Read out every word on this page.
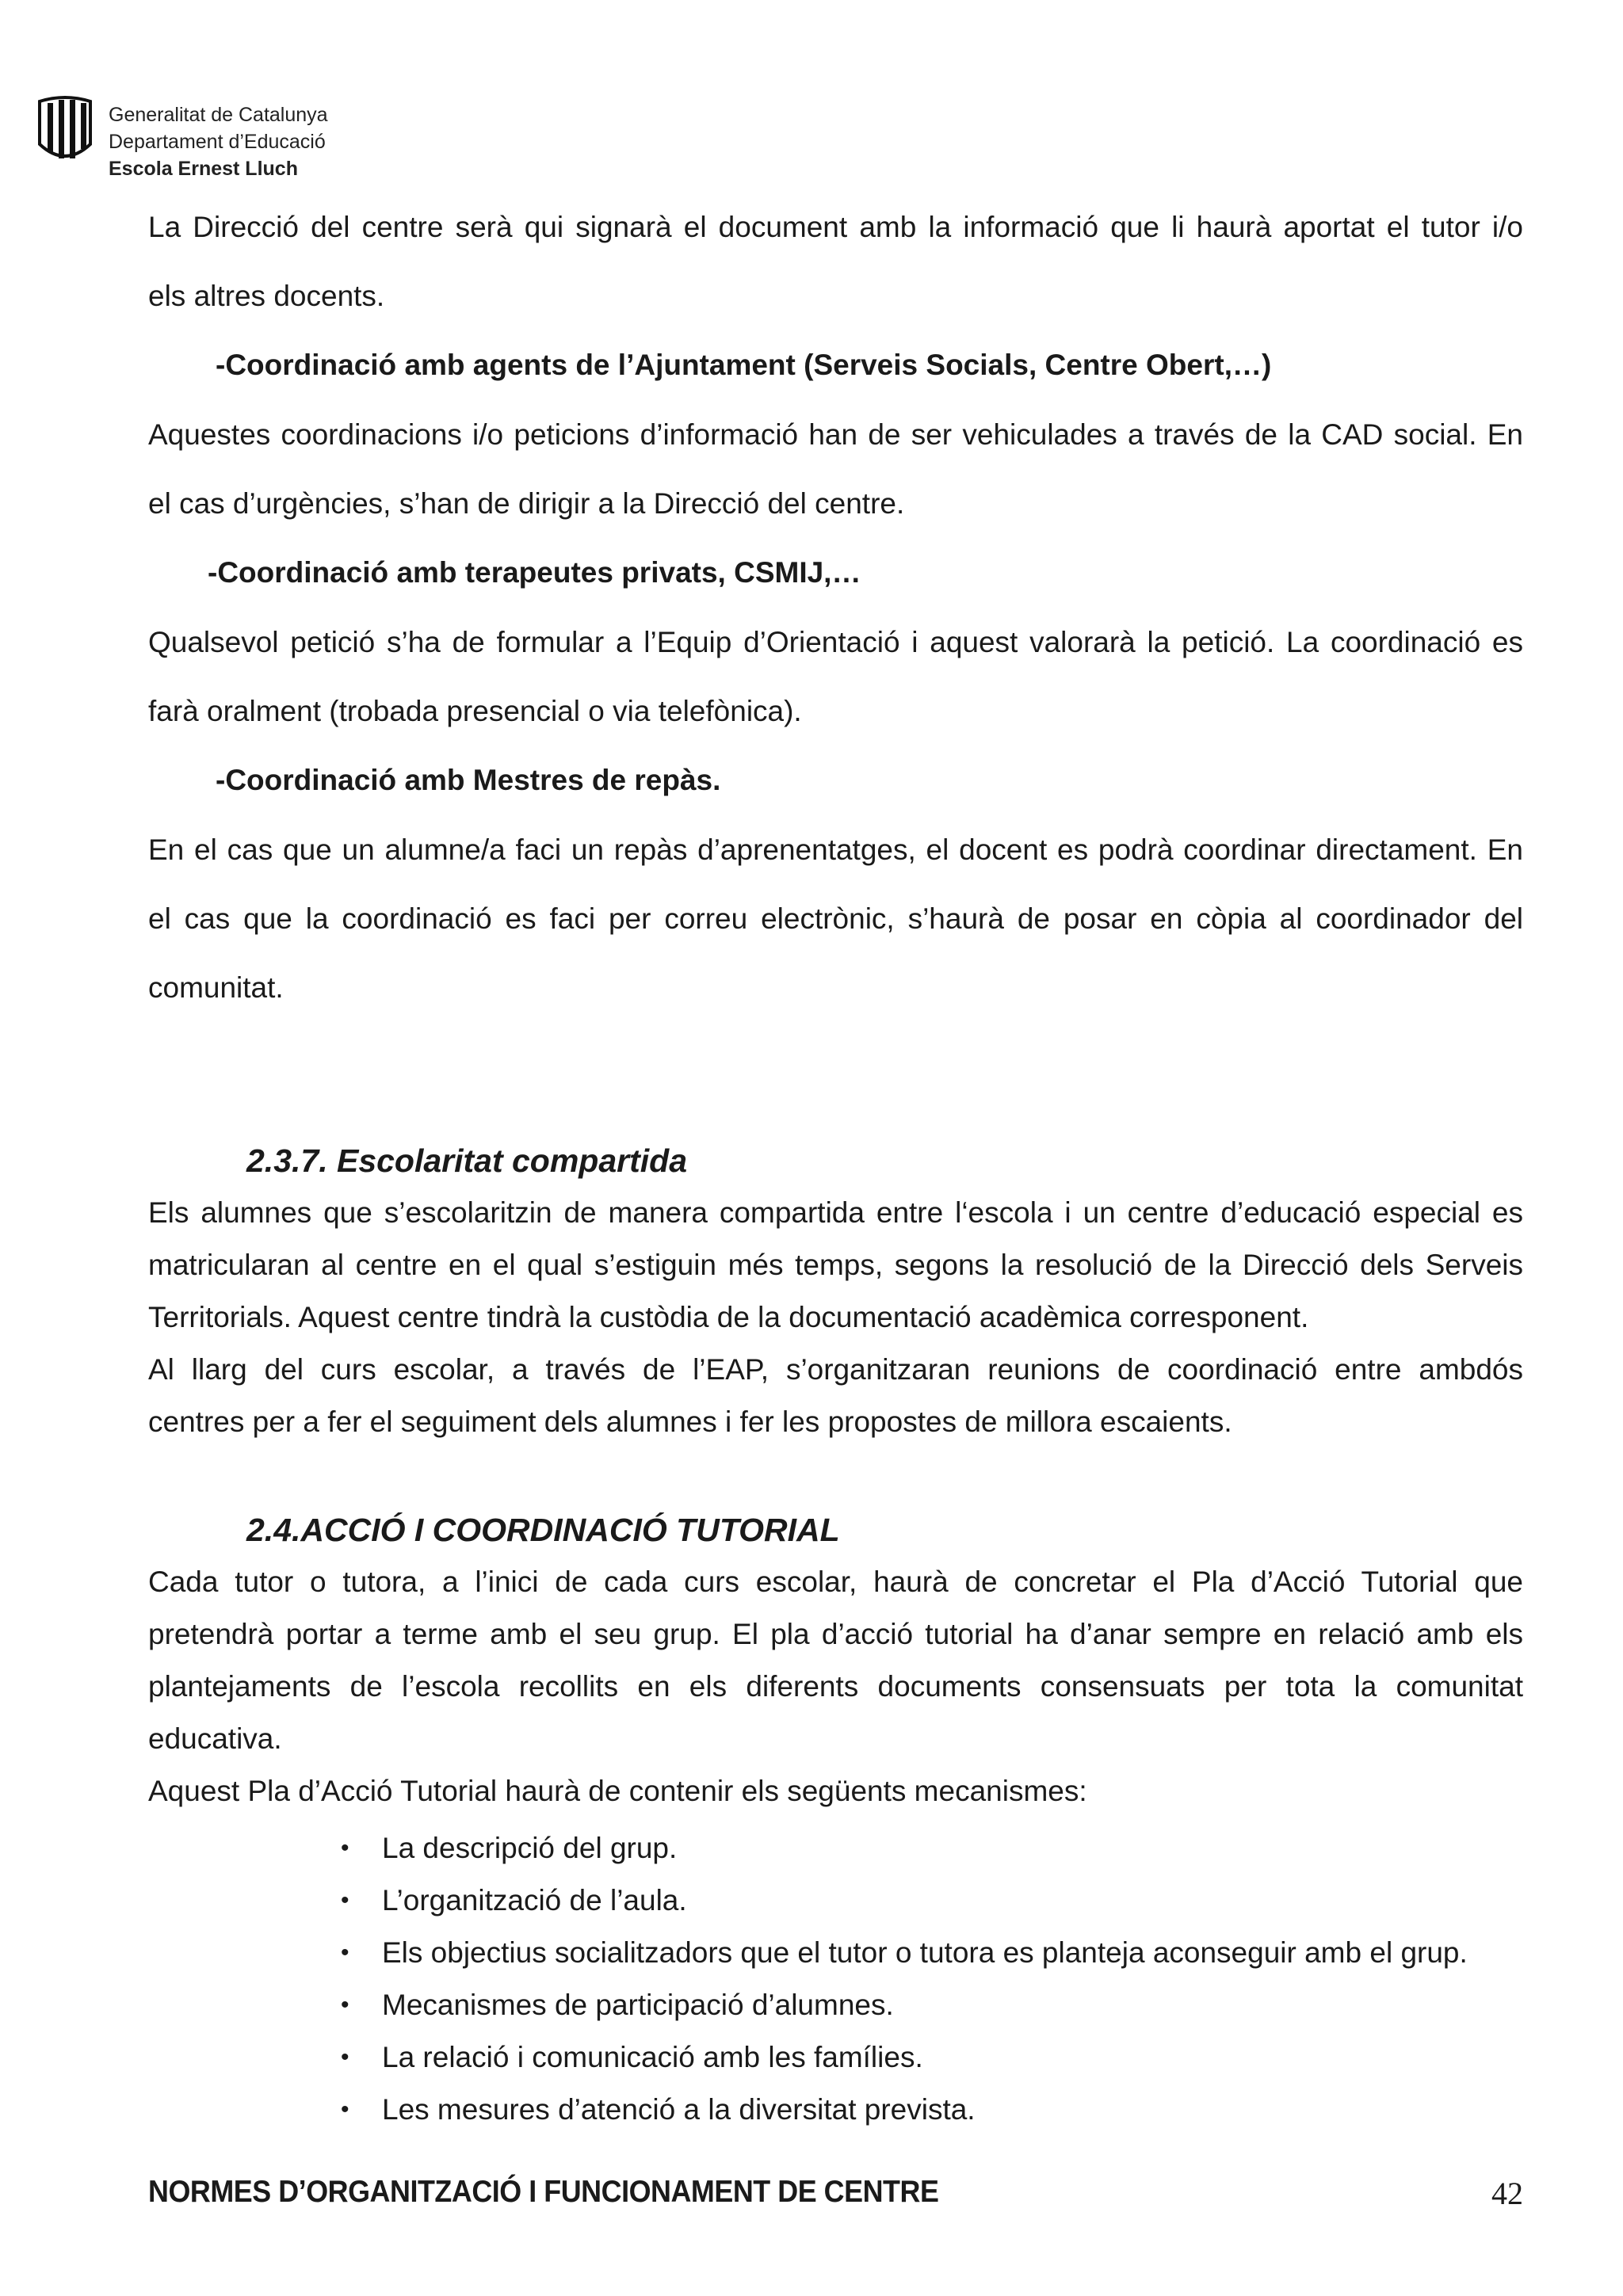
Generalitat de Catalunya
Departament d’Educació
Escola Ernest Lluch
La Direcció del centre serà qui signarà el document amb la informació que li haurà aportat el tutor i/o
els altres docents.
-Coordinació amb agents de l’Ajuntament (Serveis Socials, Centre Obert,…)
Aquestes coordinacions i/o peticions d’informació han de ser vehiculades a través de la CAD social. En
el cas d’urgències, s’han de dirigir a la Direcció del centre.
-Coordinació amb terapeutes privats, CSMIJ,…
Qualsevol petició s’ha de formular a l’Equip d’Orientació i aquest valorarà la petició. La coordinació es
farà oralment (trobada presencial o via telefònica).
-Coordinació amb Mestres de repàs.
En el cas que un alumne/a faci un repàs d’aprenentatges, el docent es podrà coordinar directament. En
el cas que la coordinació es faci per correu electrònic, s’haurà de posar en còpia al coordinador del
comunitat.
2.3.7. Escolaritat compartida
Els alumnes que s’escolaritzin de manera compartida entre l‘escola i un centre d’educació especial es
matricularan al centre en el qual s’estiguin més temps, segons la resolució de la Direcció dels Serveis
Territorials. Aquest centre tindrà la custòdia de la documentació acadèmica corresponent.
Al llarg del curs escolar, a través de l’EAP, s’organitzaran reunions de coordinació entre ambdós
centres per a fer el seguiment dels alumnes i fer les propostes de millora escaients.
2.4.ACCIÓ I COORDINACIÓ TUTORIAL
Cada tutor o tutora, a l’inici de cada curs escolar, haurà de concretar el Pla d’Acció Tutorial que
pretendrà portar a terme amb el seu grup. El pla d’acció tutorial ha d’anar sempre en relació amb els
plantejaments de l’escola recollits en els diferents documents consensuats per tota la comunitat
educativa.
Aquest Pla d’Acció Tutorial haurà de contenir els següents mecanismes:
• La descripció del grup.
• L’organització de l’aula.
• Els objectius socialitzadors que el tutor o tutora es planteja aconseguir amb el grup.
• Mecanismes de participació d’alumnes.
• La relació i comunicació amb les famílies.
• Les mesures d’atenció a la diversitat prevista.
NORMES D’ORGANITZACIÓ I FUNCIONAMENT DE CENTRE	42
